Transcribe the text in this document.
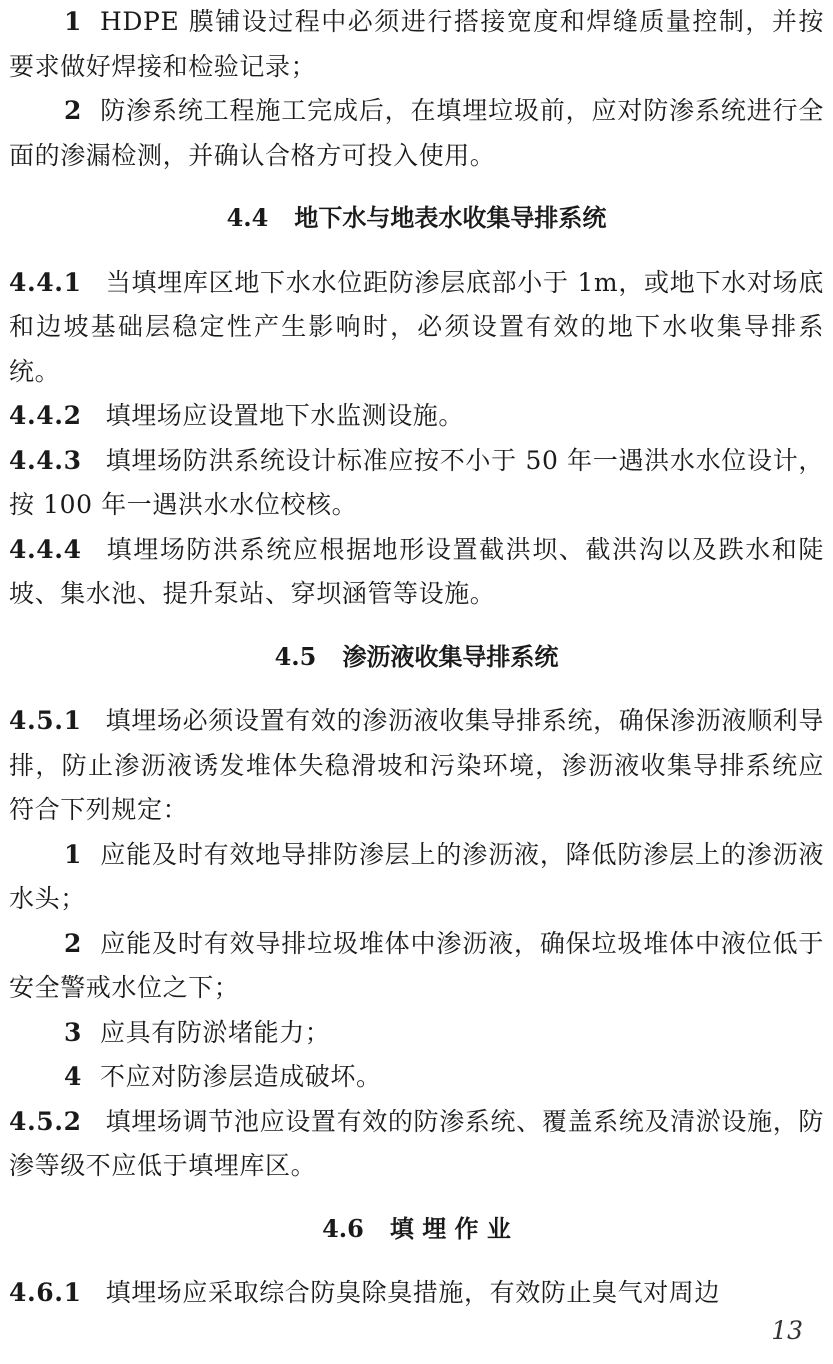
1 HDPE 膜铺设过程中必须进行搭接宽度和焊缝质量控制，并按要求做好焊接和检验记录；

2 防渗系统工程施工完成后，在填埋垃圾前，应对防渗系统进行全面的渗漏检测，并确认合格方可投入使用。

4.4 地下水与地表水收集导排系统

4.4.1 当填埋库区地下水水位距防渗层底部小于 1m，或地下水对场底和边坡基础层稳定性产生影响时，必须设置有效的地下水收集导排系统。

4.4.2 填埋场应设置地下水监测设施。

4.4.3 填埋场防洪系统设计标准应按不小于 50 年一遇洪水水位设计，按 100 年一遇洪水水位校核。

4.4.4 填埋场防洪系统应根据地形设置截洪坝、截洪沟以及跌水和陡坡、集水池、提升泵站、穿坝涵管等设施。

4.5 渗沥液收集导排系统

4.5.1 填埋场必须设置有效的渗沥液收集导排系统，确保渗沥液顺利导排，防止渗沥液诱发堆体失稳滑坡和污染环境，渗沥液收集导排系统应符合下列规定：

1 应能及时有效地导排防渗层上的渗沥液，降低防渗层上的渗沥液水头；

2 应能及时有效导排垃圾堆体中渗沥液，确保垃圾堆体中液位低于安全警戒水位之下；

3 应具有防淤堵能力；

4 不应对防渗层造成破坏。

4.5.2 填埋场调节池应设置有效的防渗系统、覆盖系统及清淤设施，防渗等级不应低于填埋库区。

4.6 填 埋 作 业

4.6.1 填埋场应采取综合防臭除臭措施，有效防止臭气对周边

13
